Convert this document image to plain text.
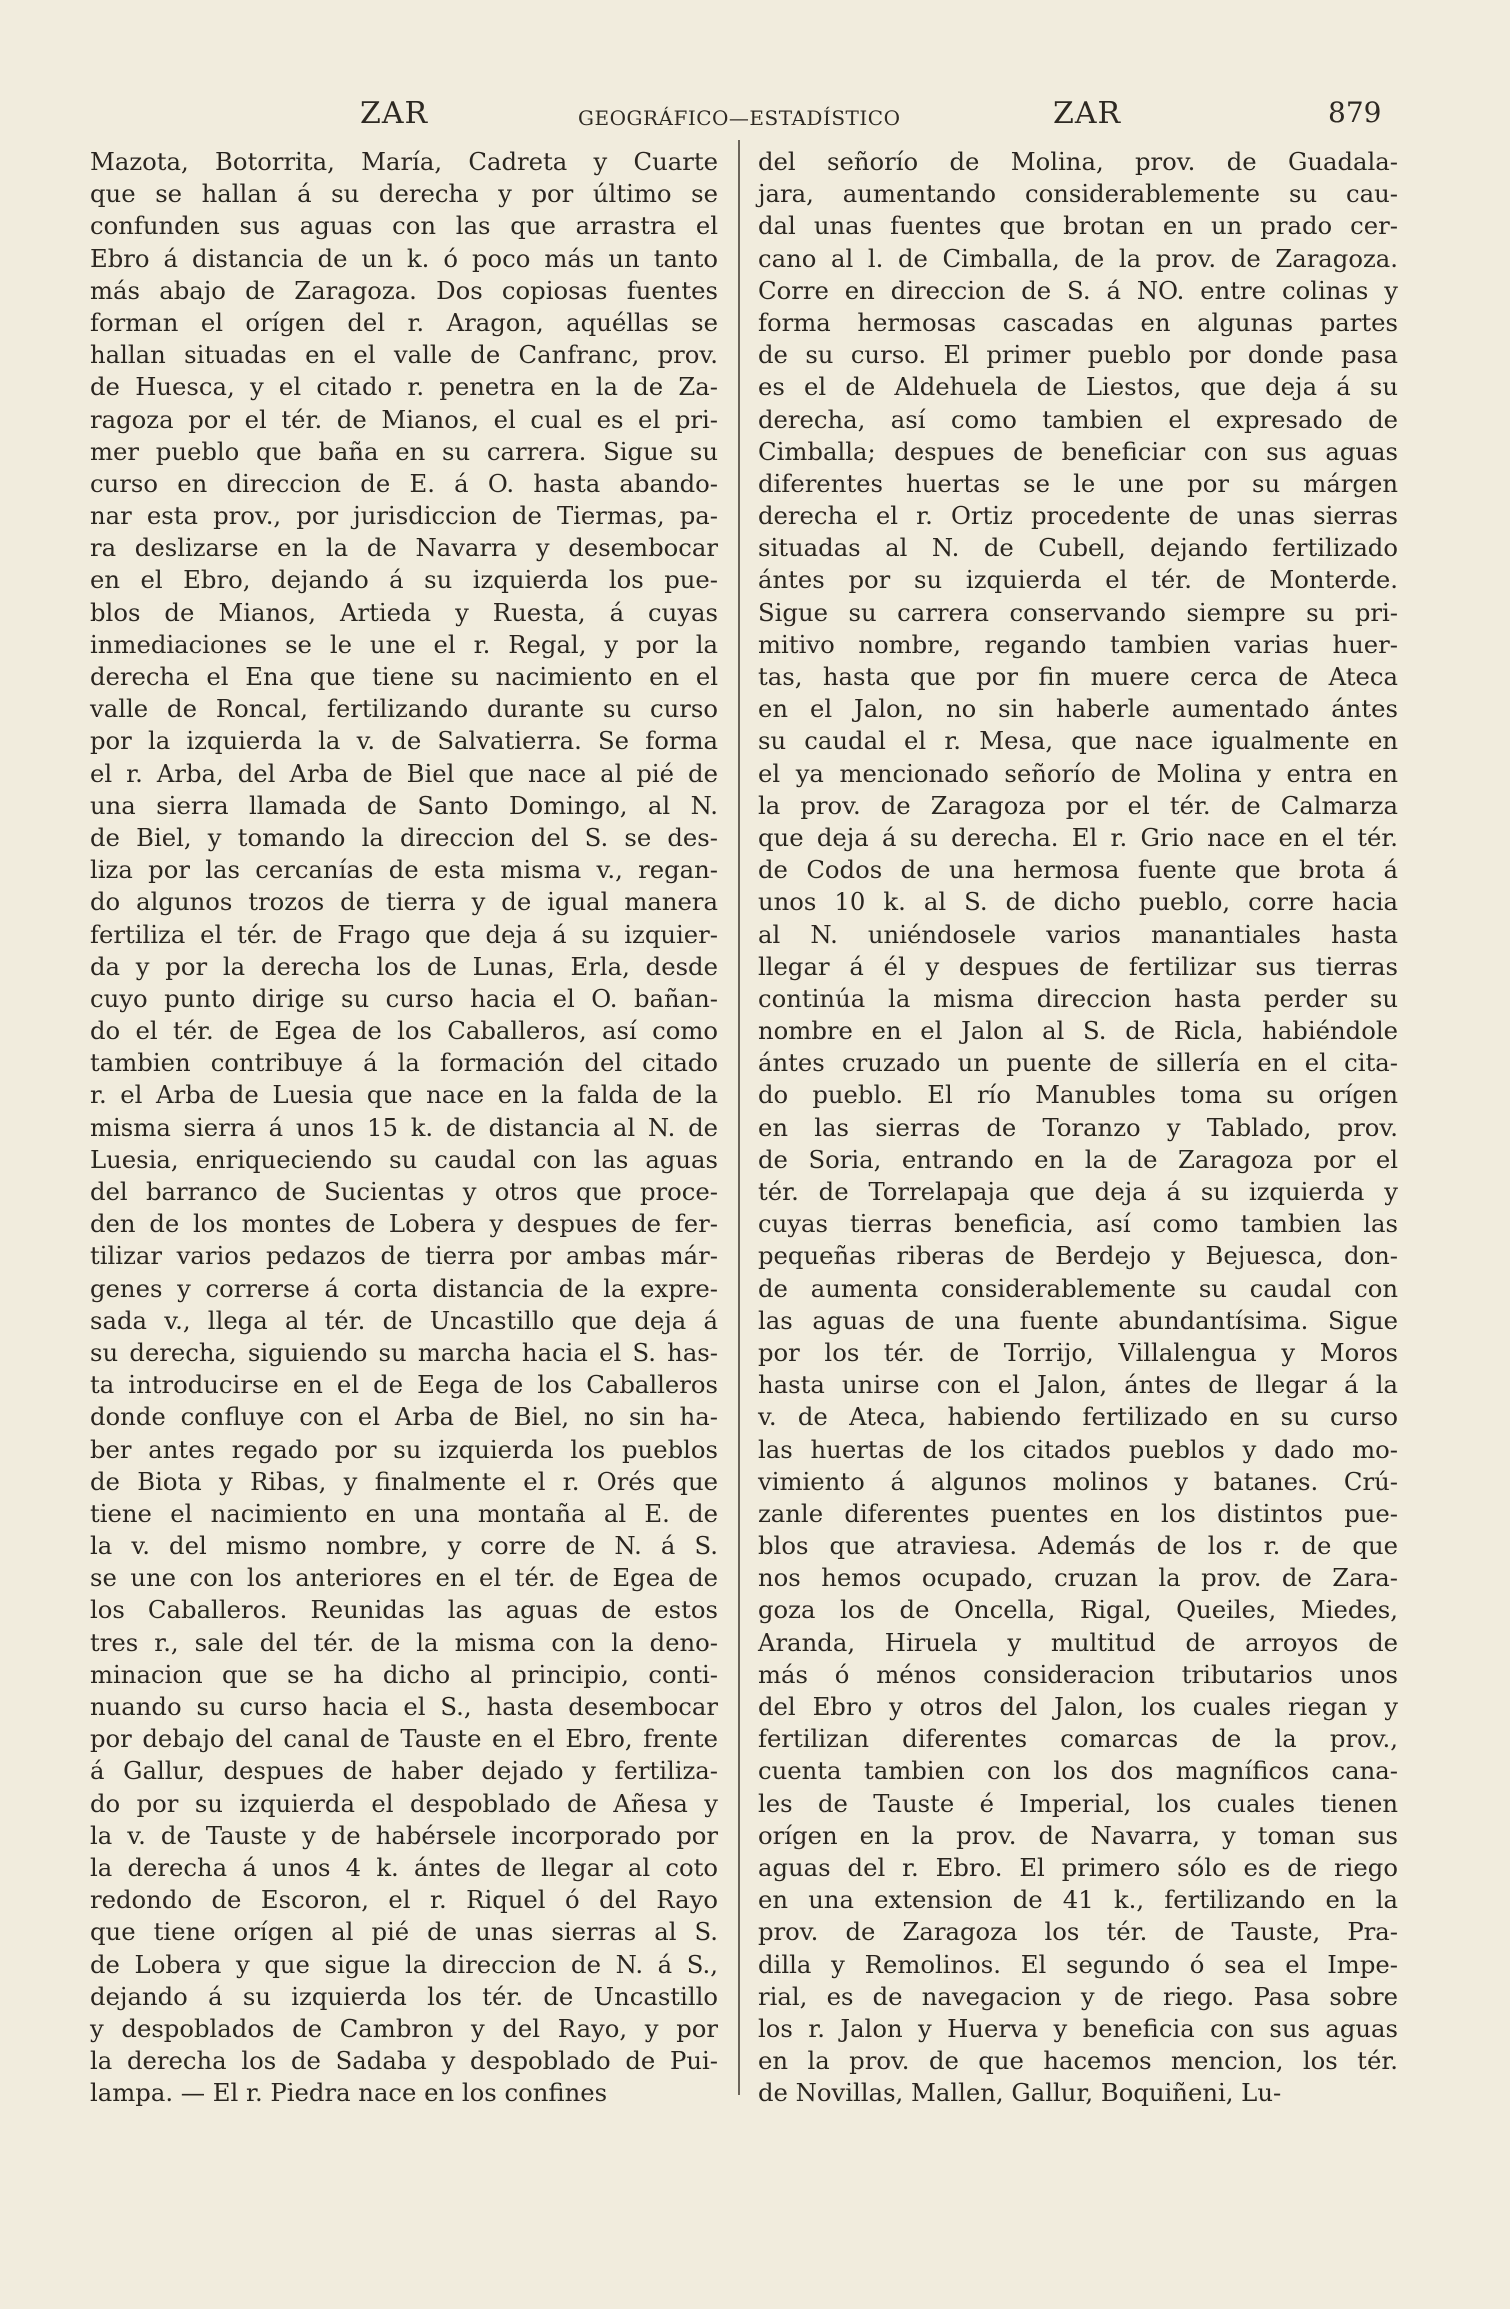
ZAR	GEOGRÁFICO—ESTADÍSTICO	ZAR	879
Mazota, Botorrita, María, Cadreta y Cuarte
que se hallan á su derecha y por último se
confunden sus aguas con las que arrastra el
Ebro á distancia de un k. ó poco más un tanto
más abajo de Zaragoza. Dos copiosas fuentes
forman el orígen del r. Aragon, aquéllas se
hallan situadas en el valle de Canfranc, prov.
de Huesca, y el citado r. penetra en la de Za-
ragoza por el tér. de Mianos, el cual es el pri-
mer pueblo que baña en su carrera. Sigue su
curso en direccion de E. á O. hasta abando-
nar esta prov., por jurisdiccion de Tiermas, pa-
ra deslizarse en la de Navarra y desembocar
en el Ebro, dejando á su izquierda los pue-
blos de Mianos, Artieda y Ruesta, á cuyas
inmediaciones se le une el r. Regal, y por la
derecha el Ena que tiene su nacimiento en el
valle de Roncal, fertilizando durante su curso
por la izquierda la v. de Salvatierra. Se forma
el r. Arba, del Arba de Biel que nace al pié de
una sierra llamada de Santo Domingo, al N.
de Biel, y tomando la direccion del S. se des-
liza por las cercanías de esta misma v., regan-
do algunos trozos de tierra y de igual manera
fertiliza el tér. de Frago que deja á su izquier-
da y por la derecha los de Lunas, Erla, desde
cuyo punto dirige su curso hacia el O. bañan-
do el tér. de Egea de los Caballeros, así como
tambien contribuye á la formación del citado
r. el Arba de Luesia que nace en la falda de la
misma sierra á unos 15 k. de distancia al N. de
Luesia, enriqueciendo su caudal con las aguas
del barranco de Sucientas y otros que proce-
den de los montes de Lobera y despues de fer-
tilizar varios pedazos de tierra por ambas már-
genes y correrse á corta distancia de la expre-
sada v., llega al tér. de Uncastillo que deja á
su derecha, siguiendo su marcha hacia el S. has-
ta introducirse en el de Eega de los Caballeros
donde confluye con el Arba de Biel, no sin ha-
ber antes regado por su izquierda los pueblos
de Biota y Ribas, y finalmente el r. Orés que
tiene el nacimiento en una montaña al E. de
la v. del mismo nombre, y corre de N. á S.
se une con los anteriores en el tér. de Egea de
los Caballeros. Reunidas las aguas de estos
tres r., sale del tér. de la misma con la deno-
minacion que se ha dicho al principio, conti-
nuando su curso hacia el S., hasta desembocar
por debajo del canal de Tauste en el Ebro, frente
á Gallur, despues de haber dejado y fertiliza-
do por su izquierda el despoblado de Añesa y
la v. de Tauste y de habérsele incorporado por
la derecha á unos 4 k. ántes de llegar al coto
redondo de Escoron, el r. Riquel ó del Rayo
que tiene orígen al pié de unas sierras al S.
de Lobera y que sigue la direccion de N. á S.,
dejando á su izquierda los tér. de Uncastillo
y despoblados de Cambron y del Rayo, y por
la derecha los de Sadaba y despoblado de Pui-
lampa. — El r. Piedra nace en los confines
del señorío de Molina, prov. de Guadala-
jara, aumentando considerablemente su cau-
dal unas fuentes que brotan en un prado cer-
cano al l. de Cimballa, de la prov. de Zaragoza.
Corre en direccion de S. á NO. entre colinas y
forma hermosas cascadas en algunas partes
de su curso. El primer pueblo por donde pasa
es el de Aldehuela de Liestos, que deja á su
derecha, así como tambien el expresado de
Cimballa; despues de beneficiar con sus aguas
diferentes huertas se le une por su márgen
derecha el r. Ortiz procedente de unas sierras
situadas al N. de Cubell, dejando fertilizado
ántes por su izquierda el tér. de Monterde.
Sigue su carrera conservando siempre su pri-
mitivo nombre, regando tambien varias huer-
tas, hasta que por fin muere cerca de Ateca
en el Jalon, no sin haberle aumentado ántes
su caudal el r. Mesa, que nace igualmente en
el ya mencionado señorío de Molina y entra en
la prov. de Zaragoza por el tér. de Calmarza
que deja á su derecha. El r. Grio nace en el tér.
de Codos de una hermosa fuente que brota á
unos 10 k. al S. de dicho pueblo, corre hacia
al N. uniéndosele varios manantiales hasta
llegar á él y despues de fertilizar sus tierras
continúa la misma direccion hasta perder su
nombre en el Jalon al S. de Ricla, habiéndole
ántes cruzado un puente de sillería en el cita-
do pueblo. El río Manubles toma su orígen
en las sierras de Toranzo y Tablado, prov.
de Soria, entrando en la de Zaragoza por el
tér. de Torrelapaja que deja á su izquierda y
cuyas tierras beneficia, así como tambien las
pequeñas riberas de Berdejo y Bejuesca, don-
de aumenta considerablemente su caudal con
las aguas de una fuente abundantísima. Sigue
por los tér. de Torrijo, Villalengua y Moros
hasta unirse con el Jalon, ántes de llegar á la
v. de Ateca, habiendo fertilizado en su curso
las huertas de los citados pueblos y dado mo-
vimiento á algunos molinos y batanes. Crú-
zanle diferentes puentes en los distintos pue-
blos que atraviesa. Además de los r. de que
nos hemos ocupado, cruzan la prov. de Zara-
goza los de Oncella, Rigal, Queiles, Miedes,
Aranda, Hiruela y multitud de arroyos de
más ó ménos consideracion tributarios unos
del Ebro y otros del Jalon, los cuales riegan y
fertilizan diferentes comarcas de la prov.,
cuenta tambien con los dos magníficos cana-
les de Tauste é Imperial, los cuales tienen
orígen en la prov. de Navarra, y toman sus
aguas del r. Ebro. El primero sólo es de riego
en una extension de 41 k., fertilizando en la
prov. de Zaragoza los tér. de Tauste, Pra-
dilla y Remolinos. El segundo ó sea el Impe-
rial, es de navegacion y de riego. Pasa sobre
los r. Jalon y Huerva y beneficia con sus aguas
en la prov. de que hacemos mencion, los tér.
de Novillas, Mallen, Gallur, Boquiñeni, Lu-
